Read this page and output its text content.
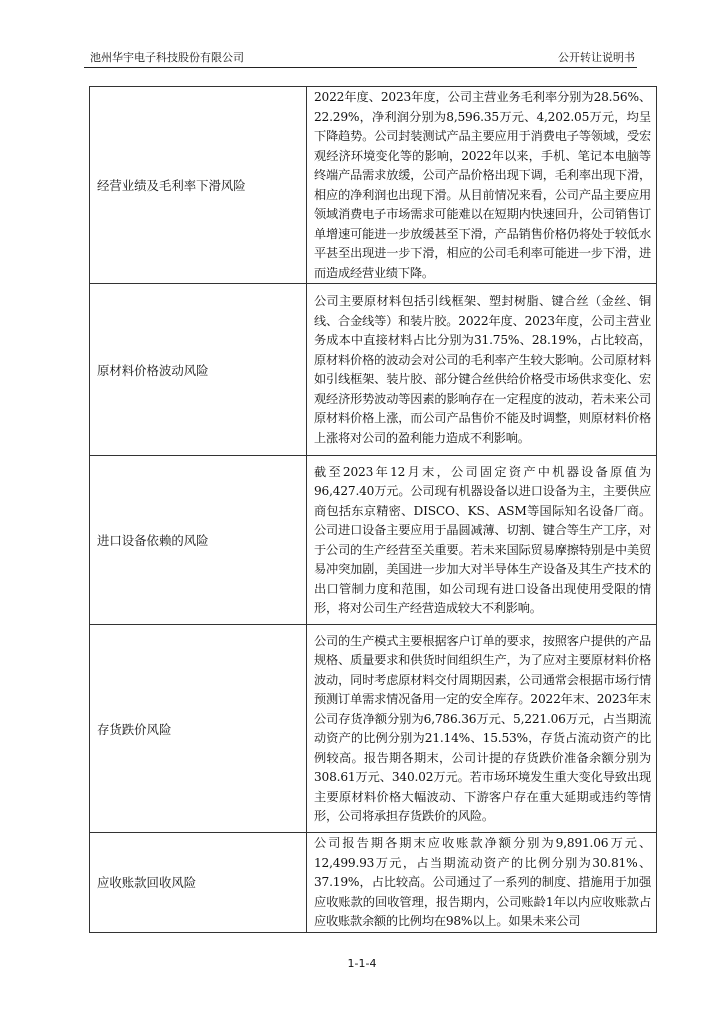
池州华宇电子科技股份有限公司	公开转让说明书
经营业绩及毛利率下滑风险	2022年度、2023年度，公司主营业务毛利率分别为28.56%、22.29%，净利润分别为8,596.35万元、4,202.05万元，均呈下降趋势。公司封装测试产品主要应用于消费电子等领域，受宏观经济环境变化等的影响，2022年以来，手机、笔记本电脑等终端产品需求放缓，公司产品价格出现下调，毛利率出现下滑，相应的净利润也出现下滑。从目前情况来看，公司产品主要应用领域消费电子市场需求可能难以在短期内快速回升，公司销售订单增速可能进一步放缓甚至下滑，产品销售价格仍将处于较低水平甚至出现进一步下滑，相应的公司毛利率可能进一步下滑，进而造成经营业绩下降。
原材料价格波动风险	公司主要原材料包括引线框架、塑封树脂、键合丝（金丝、铜线、合金线等）和装片胶。2022年度、2023年度，公司主营业务成本中直接材料占比分别为31.75%、28.19%，占比较高，原材料价格的波动会对公司的毛利率产生较大影响。公司原材料如引线框架、装片胶、部分键合丝供给价格受市场供求变化、宏观经济形势波动等因素的影响存在一定程度的波动，若未来公司原材料价格上涨，而公司产品售价不能及时调整，则原材料价格上涨将对公司的盈利能力造成不利影响。
进口设备依赖的风险	截至2023年12月末，公司固定资产中机器设备原值为96,427.40万元。公司现有机器设备以进口设备为主，主要供应商包括东京精密、DISCO、KS、ASM等国际知名设备厂商。公司进口设备主要应用于晶圆减薄、切割、键合等生产工序，对于公司的生产经营至关重要。若未来国际贸易摩擦特别是中美贸易冲突加剧，美国进一步加大对半导体生产设备及其生产技术的出口管制力度和范围，如公司现有进口设备出现使用受限的情形，将对公司生产经营造成较大不利影响。
存货跌价风险	公司的生产模式主要根据客户订单的要求，按照客户提供的产品规格、质量要求和供货时间组织生产，为了应对主要原材料价格波动，同时考虑原材料交付周期因素，公司通常会根据市场行情预测订单需求情况备用一定的安全库存。2022年末、2023年末公司存货净额分别为6,786.36万元、5,221.06万元，占当期流动资产的比例分别为21.14%、15.53%，存货占流动资产的比例较高。报告期各期末，公司计提的存货跌价准备余额分别为308.61万元、340.02万元。若市场环境发生重大变化导致出现主要原材料价格大幅波动、下游客户存在重大延期或违约等情形，公司将承担存货跌价的风险。
应收账款回收风险	公司报告期各期末应收账款净额分别为9,891.06万元、12,499.93万元，占当期流动资产的比例分别为30.81%、37.19%，占比较高。公司通过了一系列的制度、措施用于加强应收账款的回收管理，报告期内，公司账龄1年以内应收账款占应收账款余额的比例均在98%以上。如果未来公司
1-1-4
